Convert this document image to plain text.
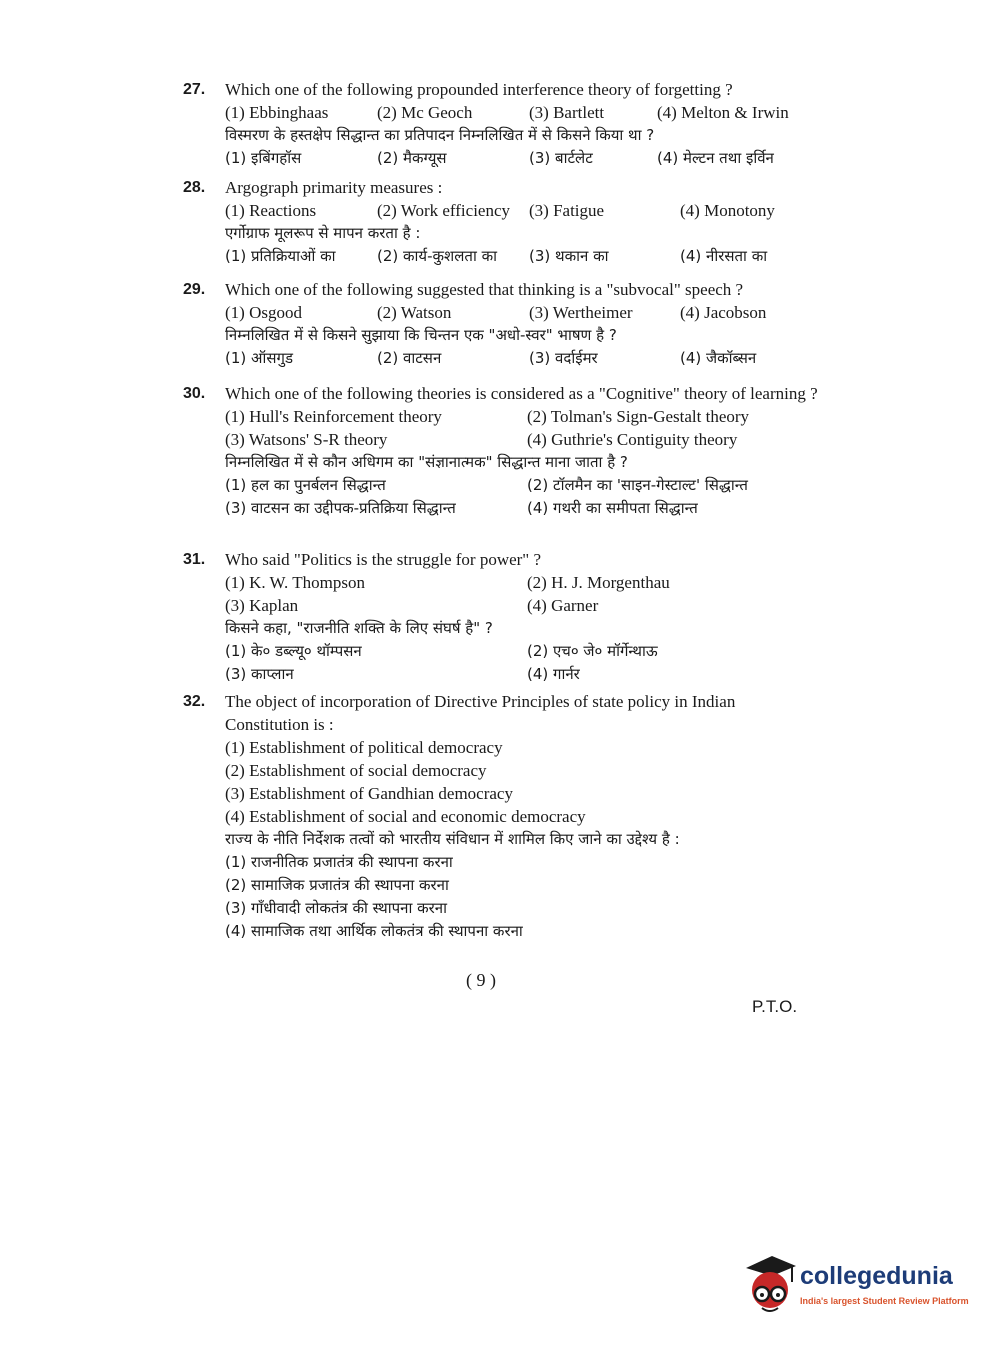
27. Which one of the following propounded interference theory of forgetting ?
(1) Ebbinghaas	(2) Mc Geoch	(3) Bartlett	(4) Melton & Irwin
विस्मरण के हस्तक्षेप सिद्धान्त का प्रतिपादन निम्नलिखित में से किसने किया था ?
(1) इबिंगहॉस	(2) मैकग्यूस	(3) बार्टलेट	(4) मेल्टन तथा इर्विन
28. Argograph primarity measures :
(1) Reactions	(2) Work efficiency (3) Fatigue	(4) Monotony
एर्गोग्राफ मूलरूप से मापन करता है :
(1) प्रतिक्रियाओं का	(2) कार्य-कुशलता का (3) थकान का	(4) नीरसता का
29. Which one of the following suggested that thinking is a "subvocal" speech ?
(1) Osgood	(2) Watson	(3) Wertheimer	(4) Jacobson
निम्नलिखित में से किसने सुझाया कि चिन्तन एक "अधो-स्वर" भाषण है ?
(1) ऑसगुड	(2) वाटसन	(3) वर्दाईमर	(4) जैकॉब्सन
30. Which one of the following theories is considered as a "Cognitive" theory of learning ?
(1) Hull's Reinforcement theory	(2) Tolman's Sign-Gestalt theory
(3) Watsons' S-R theory	(4) Guthrie's Contiguity theory
निम्नलिखित में से कौन अधिगम का "संज्ञानात्मक" सिद्धान्त माना जाता है ?
(1) हल का पुनर्बलन सिद्धान्त	(2) टॉलमैन का 'साइन-गेस्टाल्ट' सिद्धान्त
(3) वाटसन का उद्दीपक-प्रतिक्रिया सिद्धान्त	(4) गथरी का समीपता सिद्धान्त
31. Who said "Politics is the struggle for power" ?
(1) K. W. Thompson	(2) H. J. Morgenthau
(3) Kaplan	(4) Garner
किसने कहा, "राजनीति शक्ति के लिए संघर्ष है" ?
(1) के० डब्ल्यू० थॉम्पसन	(2) एच० जे० मॉर्गेन्थाऊ
(3) काप्लान	(4) गार्नर
32. The object of incorporation of Directive Principles of state policy in Indian Constitution is :
(1) Establishment of political democracy
(2) Establishment of social democracy
(3) Establishment of Gandhian democracy
(4) Establishment of social and economic democracy
राज्य के नीति निर्देशक तत्वों को भारतीय संविधान में शामिल किए जाने का उद्देश्य है :
(1) राजनीतिक प्रजातंत्र की स्थापना करना
(2) सामाजिक प्रजातंत्र की स्थापना करना
(3) गाँधीवादी लोकतंत्र की स्थापना करना
(4) सामाजिक तथा आर्थिक लोकतंत्र की स्थापना करना
( 9 )
P.T.O.
collegedunia
India's largest Student Review Platform
